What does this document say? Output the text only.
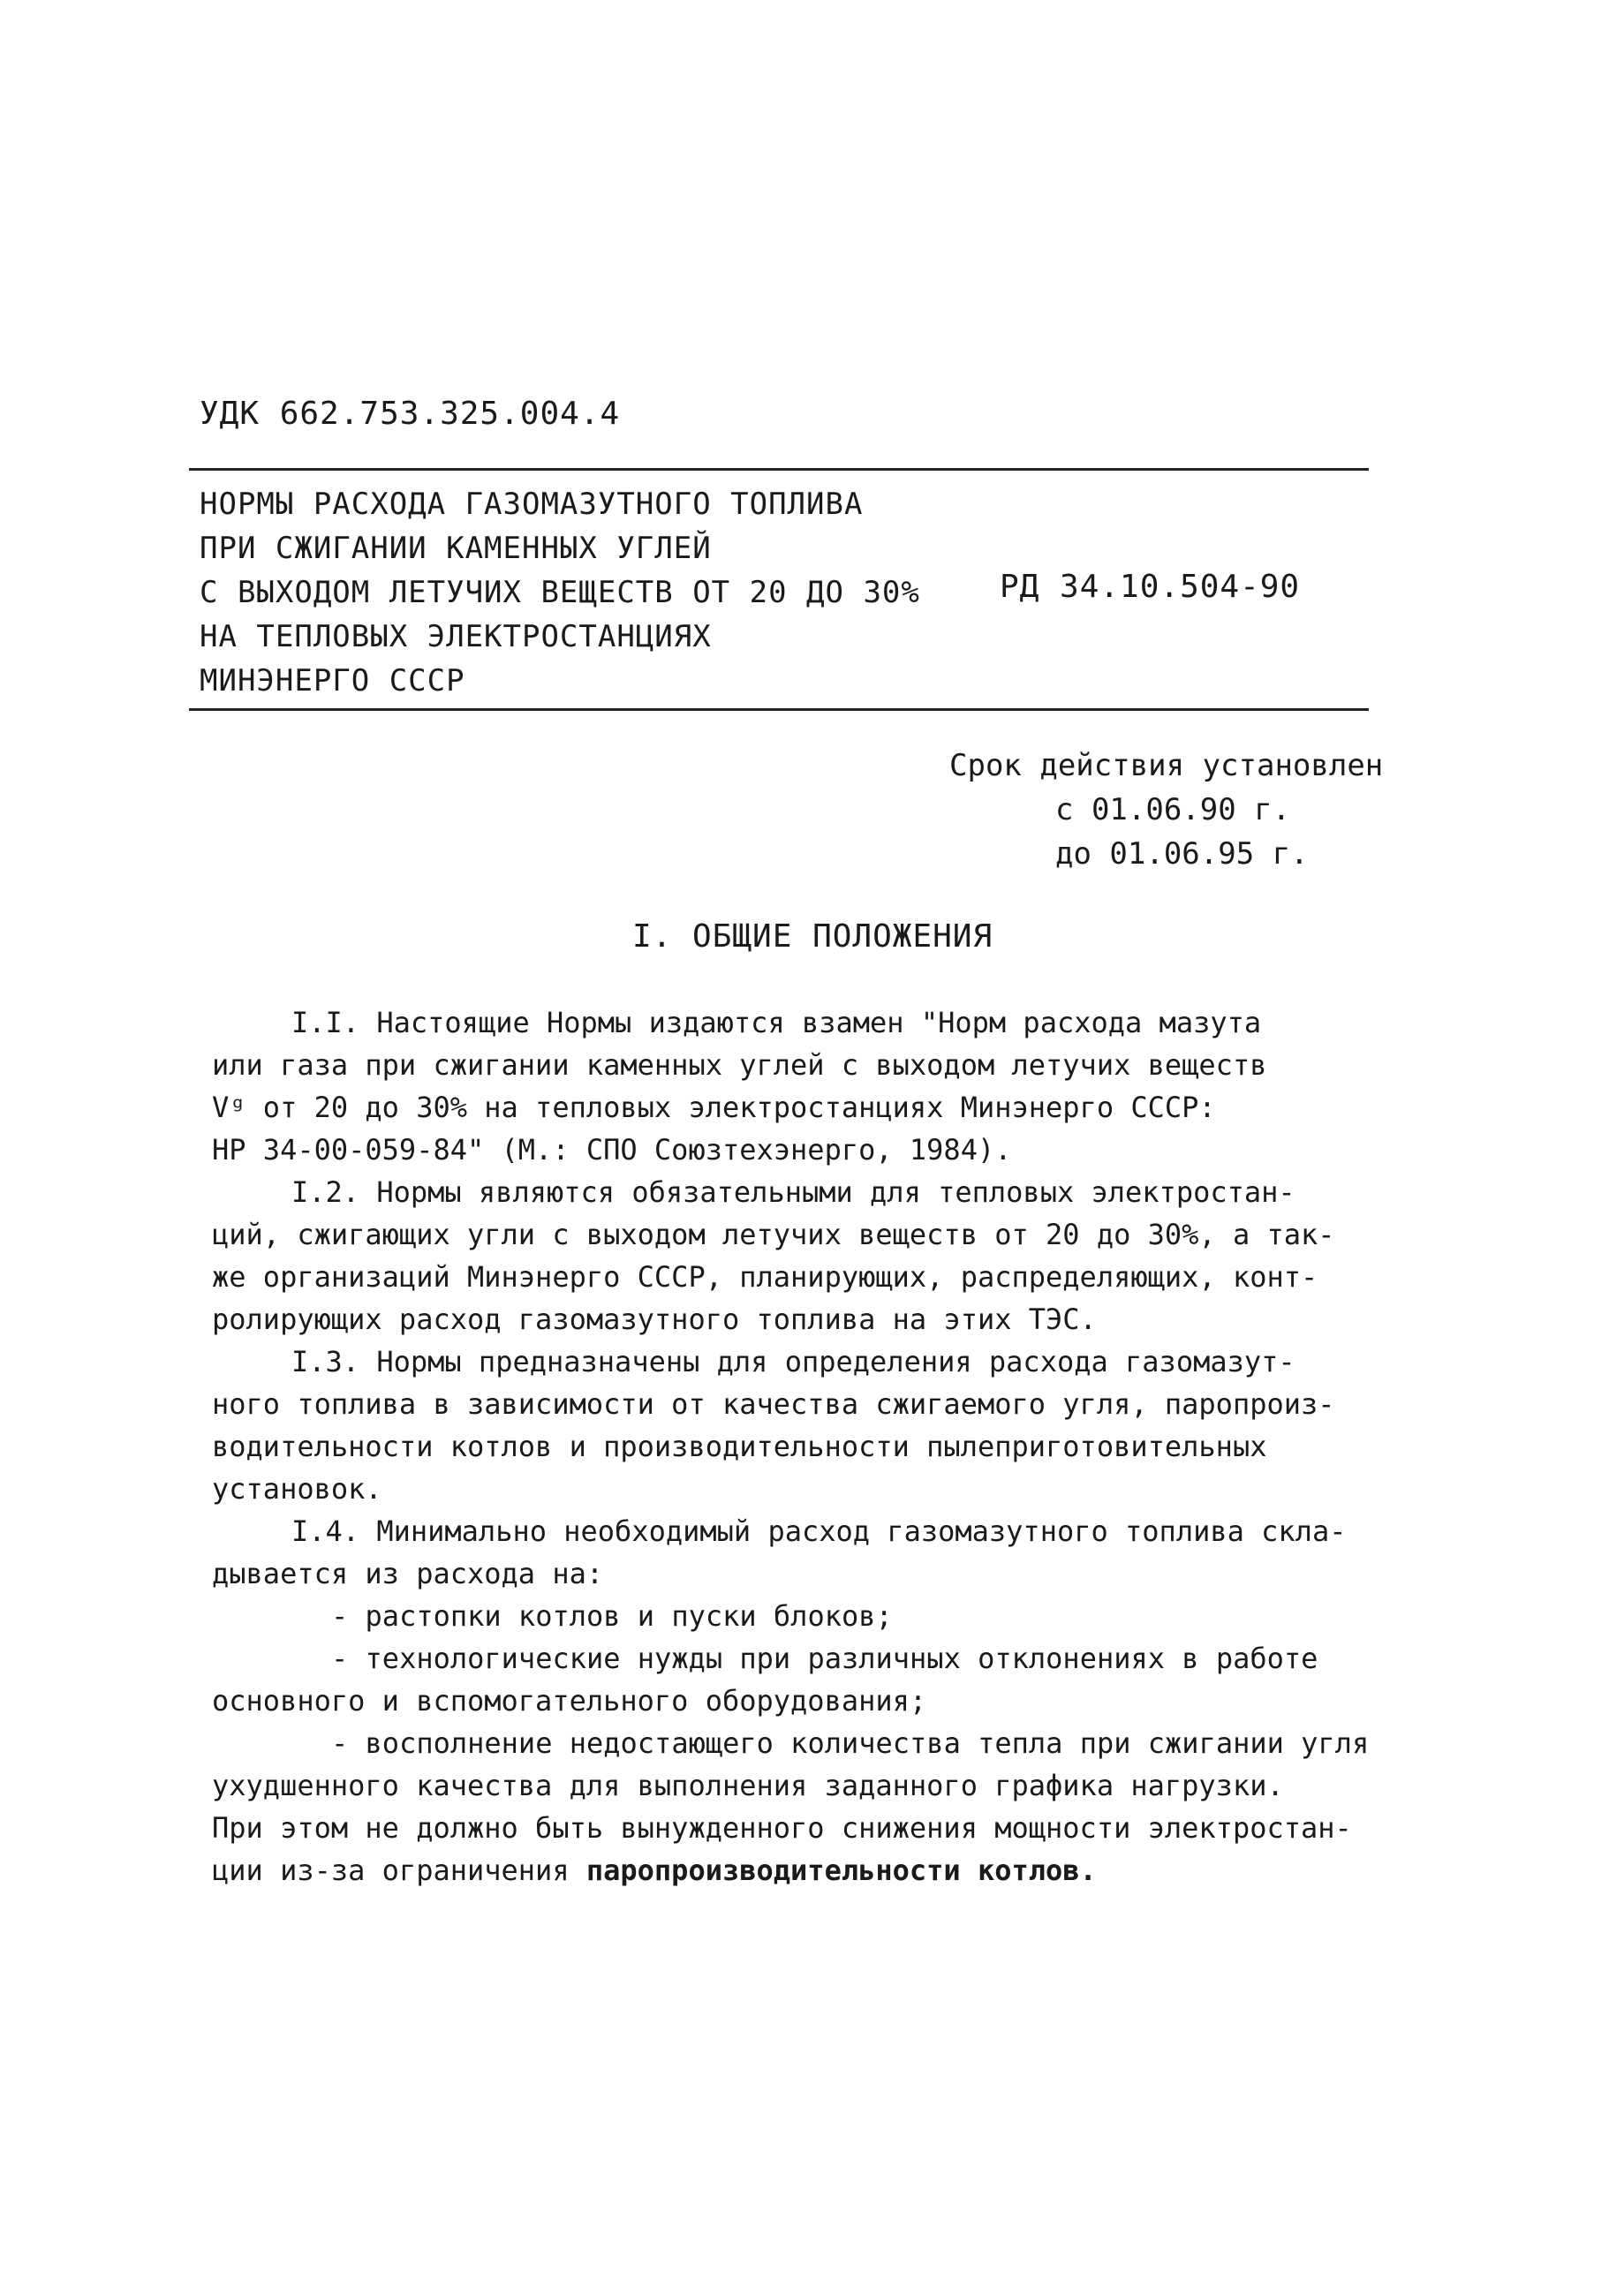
УДК 662.753.325.004.4
НОРМЫ РАСХОДА ГАЗОМАЗУТНОГО ТОПЛИВА
ПРИ СЖИГАНИИ КАМЕННЫХ УГЛЕЙ
С ВЫХОДОМ ЛЕТУЧИХ ВЕЩЕСТВ ОТ 20 ДО 30%
НА ТЕПЛОВЫХ ЭЛЕКТРОСТАНЦИЯХ
МИНЭНЕРГО СССР
РД 34.10.504-90
Срок действия установлен
с 01.06.90 г.
до 01.06.95 г.
I. ОБЩИЕ ПОЛОЖЕНИЯ
I.I. Настоящие Нормы издаются взамен "Норм расхода мазута
или газа при сжигании каменных углей с выходом летучих веществ
Vᵍ от 20 до 30% на тепловых электростанциях Минэнерго СССР:
НР 34-00-059-84" (М.: СПО Союзтехэнерго, 1984).
I.2. Нормы являются обязательными для тепловых электростан-
ций, сжигающих угли с выходом летучих веществ от 20 до 30%, а так-
же организаций Минэнерго СССР, планирующих, распределяющих, конт-
ролирующих расход газомазутного топлива на этих ТЭС.
I.3. Нормы предназначены для определения расхода газомазут-
ного топлива в зависимости от качества сжигаемого угля, паропроиз-
водительности котлов и производительности пылеприготовительных
установок.
I.4. Минимально необходимый расход газомазутного топлива скла-
дывается из расхода на:
- растопки котлов и пуски блоков;
- технологические нужды при различных отклонениях в работе
основного и вспомогательного оборудования;
- восполнение недостающего количества тепла при сжигании угля
ухудшенного качества для выполнения заданного графика нагрузки.
При этом не должно быть вынужденного снижения мощности электростан-
ции из-за ограничения паропроизводительности котлов.
